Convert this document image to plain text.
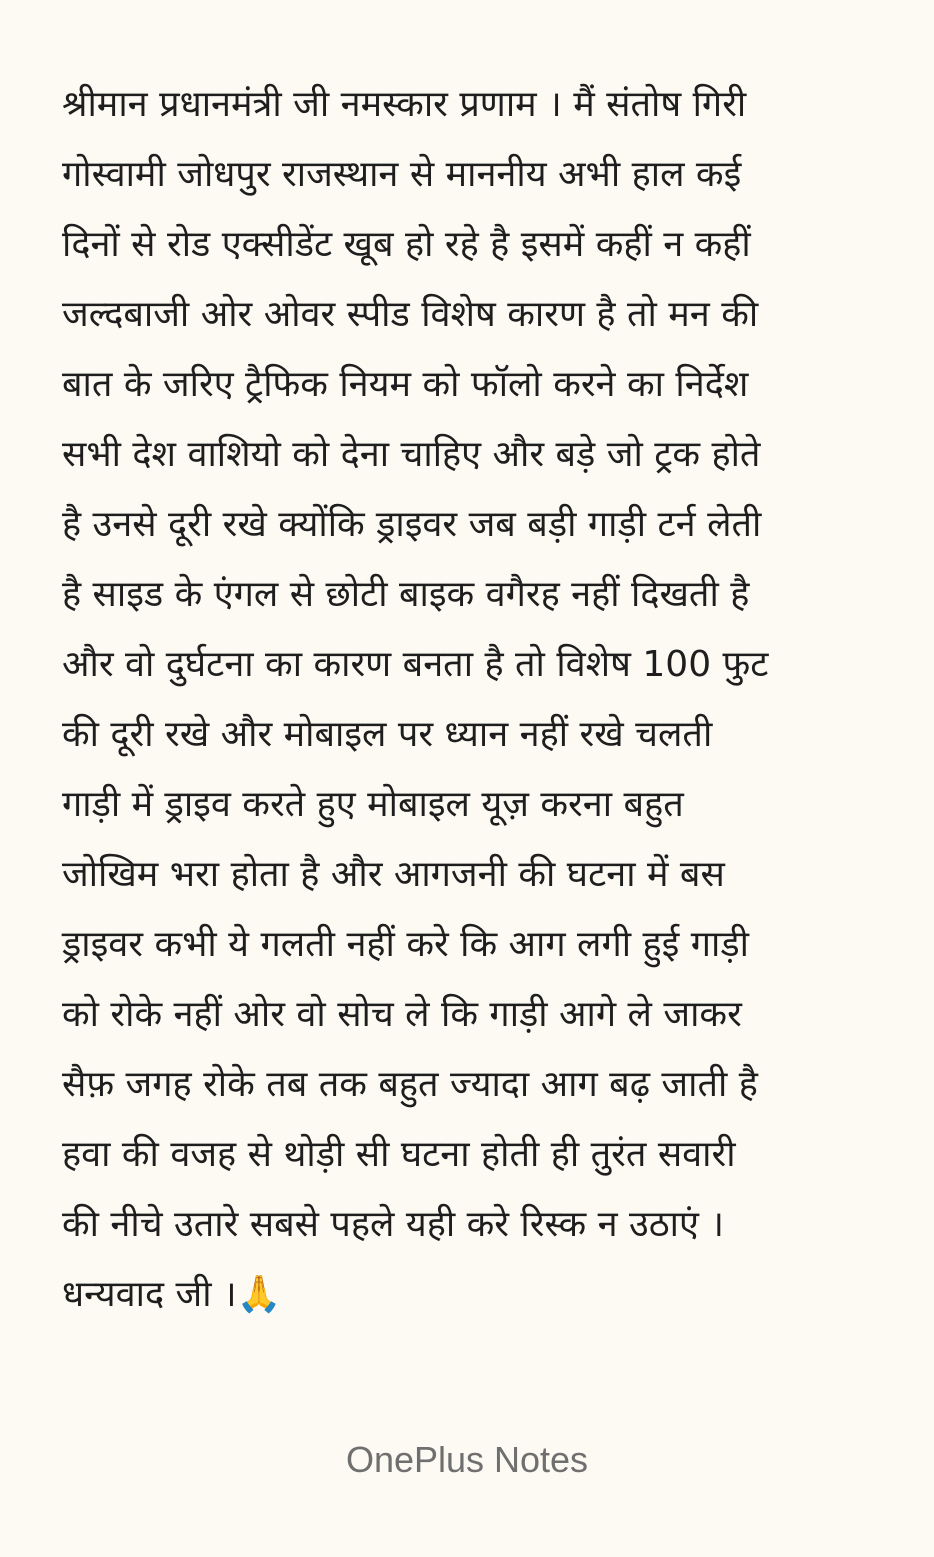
श्रीमान प्रधानमंत्री जी नमस्कार प्रणाम । मैं संतोष गिरी
गोस्वामी जोधपुर राजस्थान से माननीय अभी हाल कई
दिनों से रोड एक्सीडेंट खूब हो रहे है इसमें कहीं न कहीं
जल्दबाजी ओर ओवर स्पीड विशेष कारण है तो मन की
बात के जरिए ट्रैफिक नियम को फॉलो करने का निर्देश
सभी देश वाशियो को देना चाहिए और बड़े जो ट्रक होते
है उनसे दूरी रखे क्योंकि ड्राइवर जब बड़ी गाड़ी टर्न लेती
है साइड के एंगल से छोटी बाइक वगैरह नहीं दिखती है
और वो दुर्घटना का कारण बनता है तो विशेष 100 फुट
की दूरी रखे और मोबाइल पर ध्यान नहीं रखे चलती
गाड़ी में ड्राइव करते हुए मोबाइल यूज़ करना बहुत
जोखिम भरा होता है और आगजनी की घटना में बस
ड्राइवर कभी ये गलती नहीं करे कि आग लगी हुई गाड़ी
को रोके नहीं ओर वो सोच ले कि गाड़ी आगे ले जाकर
सैफ़ जगह रोके तब तक बहुत ज्यादा आग बढ़ जाती है
हवा की वजह से थोड़ी सी घटना होती ही तुरंत सवारी
की नीचे उतारे सबसे पहले यही करे रिस्क न उठाएं ।
धन्यवाद जी ।🙏
OnePlus Notes
